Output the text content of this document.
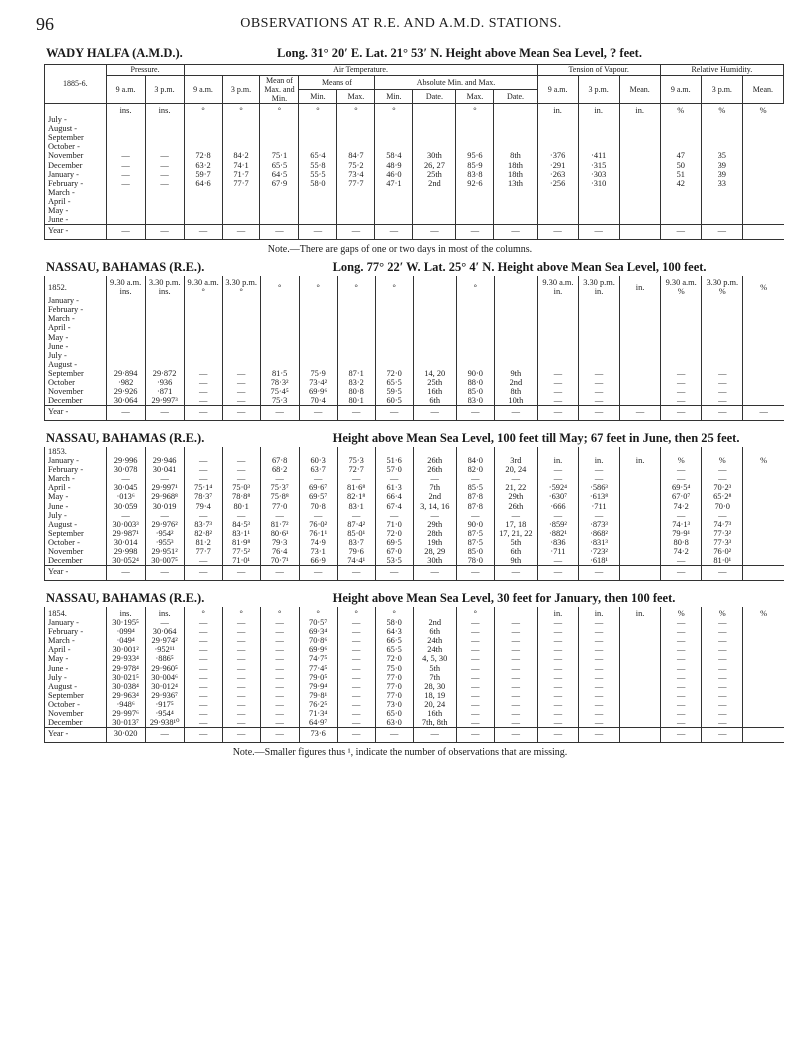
96	OBSERVATIONS AT R.E. AND A.M.D. STATIONS.
WADY HALFA (A.M.D.).	Long. 31° 20′ E. Lat. 21° 53′ N. Height above Mean Sea Level, ? feet.
1885-6.	Pressure.		Air Temperature.									Tension of Vapour.			Relative Humidity.		
	9 a.m.	3 p.m.	9 a.m.	3 p.m.	Mean of Max. and Min.	Means of		Absolute Min. and Max.				9 a.m.	3 p.m.	Mean.	9 a.m.	3 p.m.	Mean.
						Min.	Max.	Min.	Date.	Max.	Date.						
	ins.	ins.	°	°	°	°	°	°		°		in.	in.	in.	%	%	%
July -																	
August -																	
September																	
October -																	
November	—	—	72·8	84·2	75·1	65·4	84·7	58·4	30th	95·6	8th	·376	·411		47	35	
December	—	—	63·2	74·1	65·5	55·8	75·2	48·9	26, 27	85·9	18th	·291	·315		50	39	
January -	—	—	59·7	71·7	64·5	55·5	73·4	46·0	25th	83·8	18th	·263	·303		51	39	
February -	—	—	64·6	77·7	67·9	58·0	77·7	47·1	2nd	92·6	13th	·256	·310		42	33	
March -																	
April -																	
May -																	
June -																	
Year -	—	—	—	—	—	—	—	—	—	—	—	—	—		—	—	
Note.—There are gaps of one or two days in most of the columns.
NASSAU, BAHAMAS (R.E.).	Long. 77° 22′ W. Lat. 25° 4′ N. Height above Mean Sea Level, 100 feet.
1852.	9.30 a.m. ins.	3.30 p.m. ins.	9.30 a.m. °	3.30 p.m. °	°	°	°	°		°		9.30 a.m. in.	3.30 p.m. in.	in.	9.30 a.m. %	3.30 p.m. %	%
January -																	
February -																	
March -																	
April -																	
May -																	
June -																	
July -																	
August -																	
September	29·894	29·872	—	—	81·5	75·9	87·1	72·0	14, 20	90·0	9th	—	—		—	—	
October	·982	·936	—	—	78·3²	73·4²	83·2	65·5	25th	88·0	2nd	—	—		—	—	
November	29·926	·871	—	—	75·4⁵	69·9⁶	80·8	59·5	16th	85·0	8th	—	—		—	—	
December	30·064	29·997³	—	—	75·3	70·4	80·1	60·5	6th	83·0	10th	—	—		—	—	
Year -	—	—	—	—	—	—	—	—	—	—	—	—	—	—	—	—	—
NASSAU, BAHAMAS (R.E.).	Height above Mean Sea Level, 100 feet till May; 67 feet in June, then 25 feet.
1853.																	
January -	29·996	29·946	—	—	67·8	60·3	75·3	51·6	26th	84·0	3rd	in.	in.	in.	%	%	%
February -	30·078	30·041	—	—	68·2	63·7	72·7	57·0	26th	82·0	20, 24	—	—		—	—	
March -	—	—	—	—	—	—	—	—	—	—	—	—	—		—	—	
April -	30·045	29·997¹	75·1⁴	75·0³	75·3⁷	69·6⁷	81·6⁸	61·3	7th	85·5	21, 22	·592⁴	·586³		69·5⁴	70·2³	
May -	·013⁶	29·968⁸	78·3⁷	78·8⁸	75·8⁸	69·5⁷	82·1⁸	66·4	2nd	87·8	29th	·630⁷	·613⁸		67·0⁷	65·2⁸	
June -	30·059	30·019	79·4	80·1	77·0	70·8	83·1	67·4	3, 14, 16	87·8	26th	·666	·711		74·2	70·0	
July -	—	—	—	—	—	—	—	—	—	—	—	—	—		—	—	
August -	30·003³	29·976²	83·7³	84·5³	81·7²	76·0²	87·4²	71·0	29th	90·0	17, 18	·859²	·873³		74·1³	74·7³	
September	29·987¹	·954²	82·8²	83·1¹	80·6¹	76·1¹	85·0¹	72·0	28th	87·5	17, 21, 22	·882¹	·868²		79·9¹	77·3²	
October -	30·014	·955³	81·2	81·9⁸	79·3	74·9	83·7	69·5	19th	87·5	5th	·836	·831³		80·8	77·3³	
November	29·998	29·951²	77·7	77·5²	76·4	73·1	79·6	67·0	28, 29	85·0	6th	·711	·723²		74·2	76·0²	
December	30·052⁴	30·007⁵	—	71·0¹	70·7¹	66·9	74·4¹	53·5	30th	78·0	9th	—	·618¹		—	81·0¹	
Year -	—	—	—	—	—	—	—	—	—	—	—	—	—		—	—	
NASSAU, BAHAMAS (R.E.).	Height above Mean Sea Level, 30 feet for January, then 100 feet.
1854.	ins.	ins.	°	°	°	°	°	°		°		in.	in.	in.	%	%	%
January -	30·195⁵	—	—	—	—	70·5⁷	—	58·0	2nd	—	—	—	—		—	—	
February -	·099⁴	30·064	—	—	—	69·3⁴	—	64·3	6th	—	—	—	—		—	—	
March -	·049⁴	29·974²	—	—	—	70·8⁶	—	66·5	24th	—	—	—	—		—	—	
April -	30·001²	·952¹¹	—	—	—	69·9⁶	—	65·5	24th	—	—	—	—		—	—	
May -	29·933⁴	·886⁵	—	—	—	74·7⁵	—	72·0	4, 5, 30	—	—	—	—		—	—	
June -	29·978⁴	29·960⁵	—	—	—	77·4⁵	—	75·0	5th	—	—	—	—		—	—	
July -	30·021⁵	30·004⁶	—	—	—	79·0⁵	—	77·0	7th	—	—	—	—		—	—	
August -	30·038⁴	30·012⁴	—	—	—	79·9⁴	—	77·0	28, 30	—	—	—	—		—	—	
September	29·963⁴	29·936⁷	—	—	—	79·8¹	—	77·0	18, 19	—	—	—	—		—	—	
October -	·948⁶	·917⁵	—	—	—	76·2⁵	—	73·0	20, 24	—	—	—	—		—	—	
November	29·997⁶	·954⁴	—	—	—	71·3⁴	—	65·0	16th	—	—	—	—		—	—	
December	30·013⁷	29·938¹⁰	—	—	—	64·9⁷	—	63·0	7th, 8th	—	—	—	—		—	—	
Year -	30·020	—	—	—	—	73·6	—	—	—	—	—	—	—		—	—	
Note.—Smaller figures thus ¹, indicate the number of observations that are missing.
